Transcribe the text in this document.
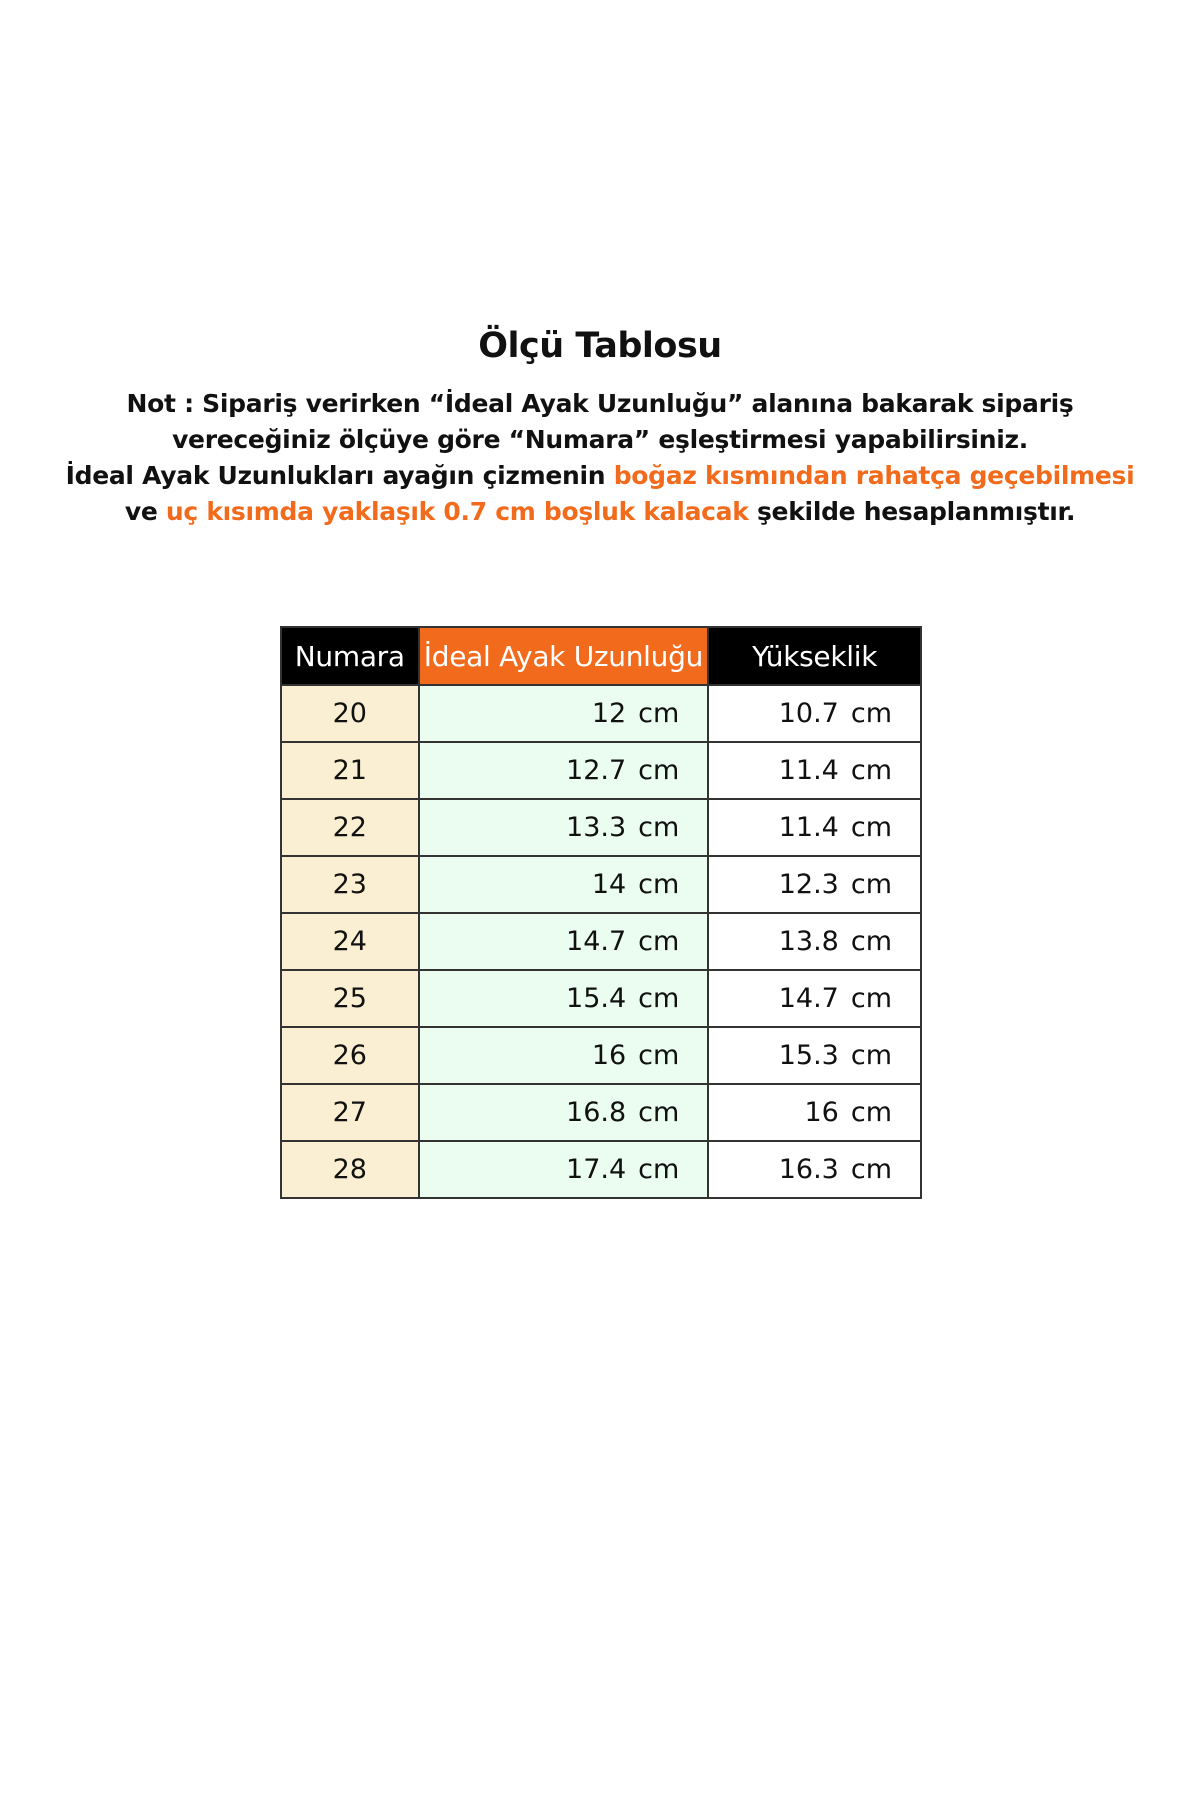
Ölçü Tablosu
Not : Sipariş verirken “İdeal Ayak Uzunluğu” alanına bakarak sipariş
vereceğiniz ölçüye göre “Numara” eşleştirmesi yapabilirsiniz.
İdeal Ayak Uzunlukları ayağın çizmenin boğaz kısmından rahatça geçebilmesi
ve uç kısımda yaklaşık 0.7 cm boşluk kalacak şekilde hesaplanmıştır.
Numara	İdeal Ayak Uzunluğu	Yükseklik
20	12 cm	10.7 cm
21	12.7 cm	11.4 cm
22	13.3 cm	11.4 cm
23	14 cm	12.3 cm
24	14.7 cm	13.8 cm
25	15.4 cm	14.7 cm
26	16 cm	15.3 cm
27	16.8 cm	16 cm
28	17.4 cm	16.3 cm
